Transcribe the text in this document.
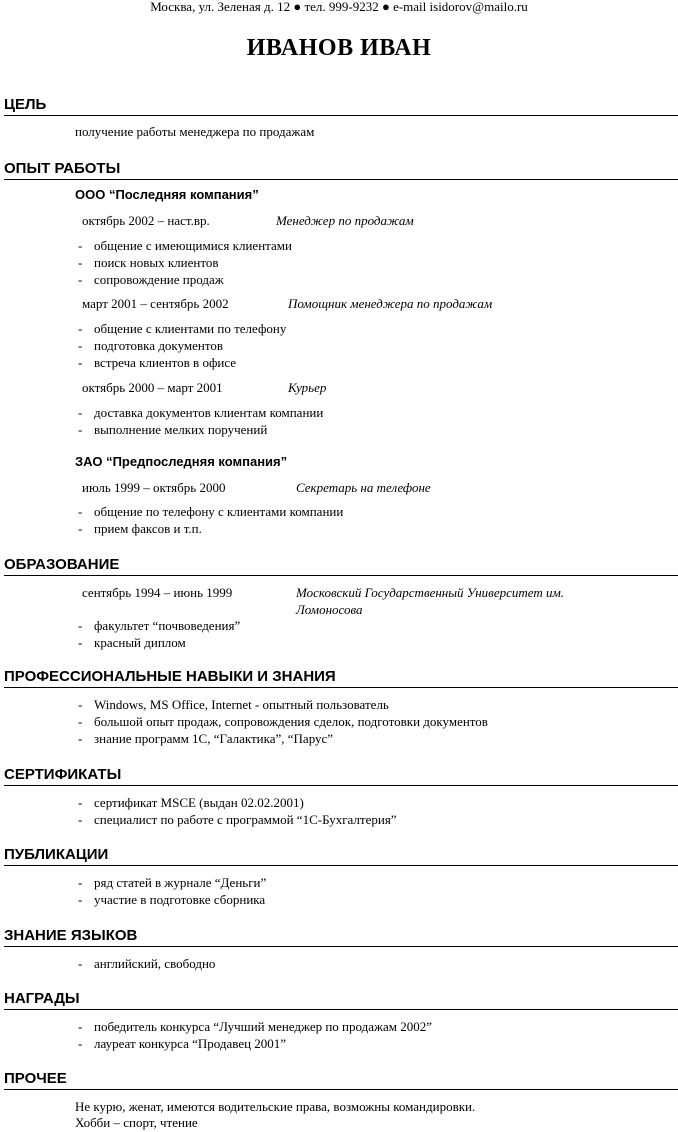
Москва, ул. Зеленая д. 12 ● тел. 999-9232 ● e-mail isidorov@mailo.ru
ИВАНОВ ИВАН
ЦЕЛЬ
получение работы менеджера по продажам
ОПЫТ РАБОТЫ
ООО “Последняя компания”
октябрь 2002 – наст.вр.	Менеджер по продажам
- общение с имеющимися клиентами
- поиск новых клиентов
- сопровождение продаж
март 2001 – сентябрь 2002	Помощник менеджера по продажам
- общение с клиентами по телефону
- подготовка документов
- встреча клиентов в офисе
октябрь 2000 – март 2001	Курьер
- доставка документов клиентам компании
- выполнение мелких поручений
ЗАО “Предпоследняя компания”
июль 1999 – октябрь 2000	Секретарь на телефоне
- общение по телефону с клиентами компании
- прием факсов и т.п.
ОБРАЗОВАНИЕ
сентябрь 1994 – июнь 1999	Московский Государственный Университет им.
Ломоносова
- факультет “почвоведения”
- красный диплом
ПРОФЕССИОНАЛЬНЫЕ НАВЫКИ И ЗНАНИЯ
- Windows, MS Office, Internet - опытный пользователь
- большой опыт продаж, сопровождения сделок, подготовки документов
- знание программ 1С, “Галактика”, “Парус”
СЕРТИФИКАТЫ
- сертификат MSCE (выдан 02.02.2001)
- специалист по работе с программой “1С-Бухгалтерия”
ПУБЛИКАЦИИ
- ряд статей в журнале “Деньги”
- участие в подготовке сборника
ЗНАНИЕ ЯЗЫКОВ
- английский, свободно
НАГРАДЫ
- победитель конкурса “Лучший менеджер по продажам 2002”
- лауреат конкурса “Продавец 2001”
ПРОЧЕЕ
Не курю, женат, имеются водительские права, возможны командировки.
Хобби – спорт, чтение
